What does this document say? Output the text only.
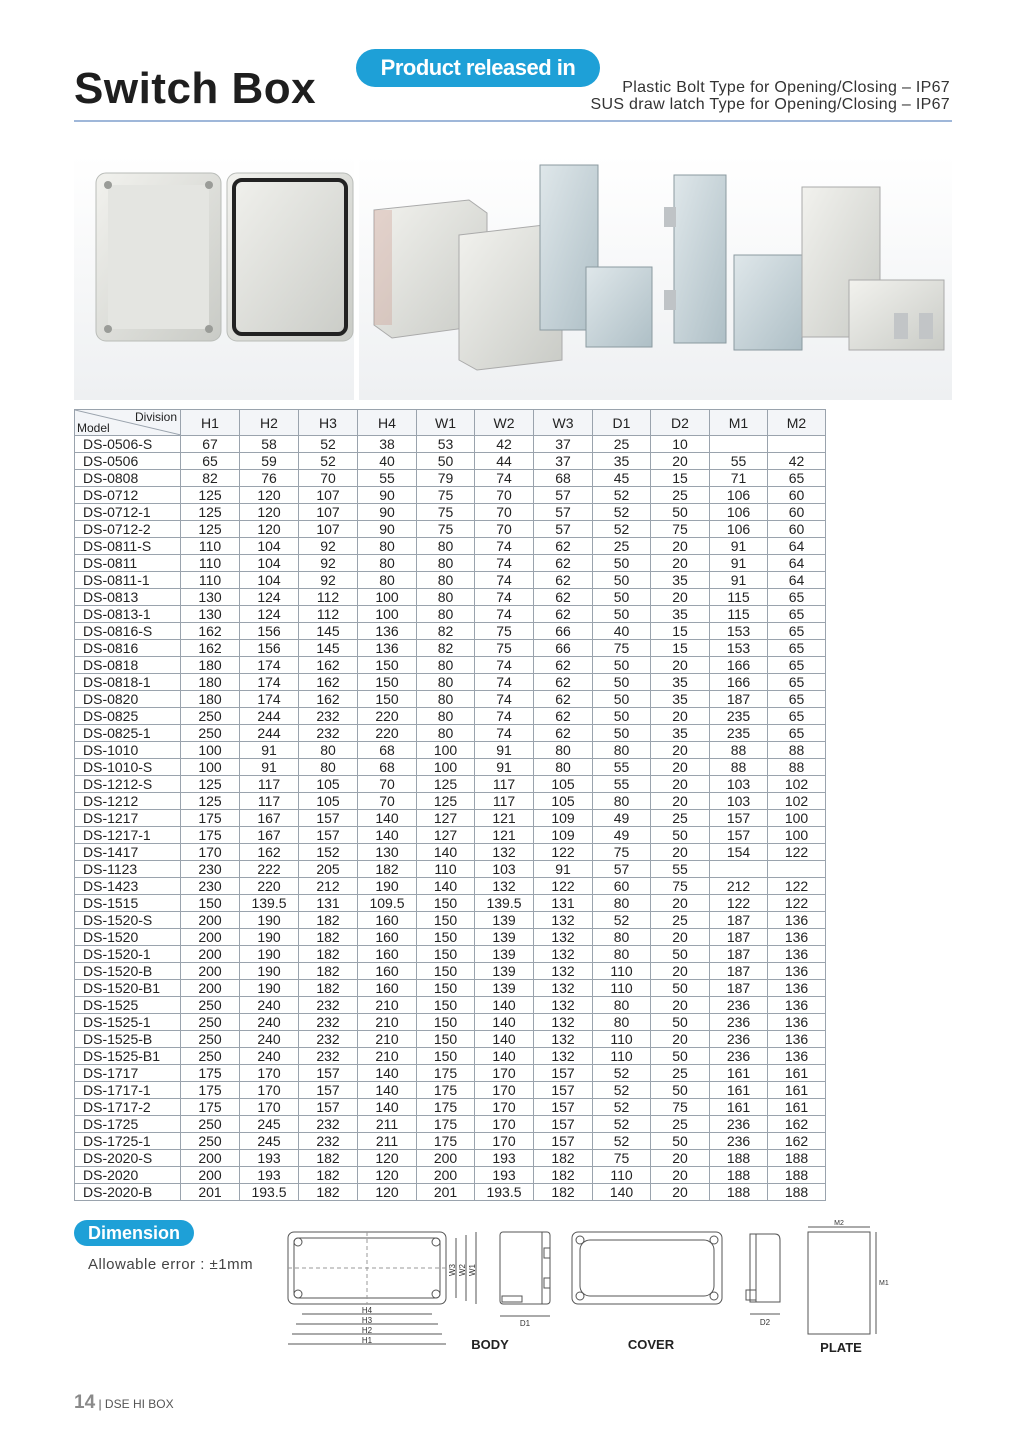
Switch Box	Product released in 1995
Plastic Bolt Type for Opening/Closing – IP67
SUS draw latch Type for Opening/Closing – IP67
Division
Model	H1	H2	H3	H4	W1	W2	W3	D1	D2	M1	M2
DS-0506-S	67	58	52	38	53	42	37	25	10		
DS-0506	65	59	52	40	50	44	37	35	20	55	42
DS-0808	82	76	70	55	79	74	68	45	15	71	65
DS-0712	125	120	107	90	75	70	57	52	25	106	60
DS-0712-1	125	120	107	90	75	70	57	52	50	106	60
DS-0712-2	125	120	107	90	75	70	57	52	75	106	60
DS-0811-S	110	104	92	80	80	74	62	25	20	91	64
DS-0811	110	104	92	80	80	74	62	50	20	91	64
DS-0811-1	110	104	92	80	80	74	62	50	35	91	64
DS-0813	130	124	112	100	80	74	62	50	20	115	65
DS-0813-1	130	124	112	100	80	74	62	50	35	115	65
DS-0816-S	162	156	145	136	82	75	66	40	15	153	65
DS-0816	162	156	145	136	82	75	66	75	15	153	65
DS-0818	180	174	162	150	80	74	62	50	20	166	65
DS-0818-1	180	174	162	150	80	74	62	50	35	166	65
DS-0820	180	174	162	150	80	74	62	50	35	187	65
DS-0825	250	244	232	220	80	74	62	50	20	235	65
DS-0825-1	250	244	232	220	80	74	62	50	35	235	65
DS-1010	100	91	80	68	100	91	80	80	20	88	88
DS-1010-S	100	91	80	68	100	91	80	55	20	88	88
DS-1212-S	125	117	105	70	125	117	105	55	20	103	102
DS-1212	125	117	105	70	125	117	105	80	20	103	102
DS-1217	175	167	157	140	127	121	109	49	25	157	100
DS-1217-1	175	167	157	140	127	121	109	49	50	157	100
DS-1417	170	162	152	130	140	132	122	75	20	154	122
DS-1123	230	222	205	182	110	103	91	57	55		
DS-1423	230	220	212	190	140	132	122	60	75	212	122
DS-1515	150	139.5	131	109.5	150	139.5	131	80	20	122	122
DS-1520-S	200	190	182	160	150	139	132	52	25	187	136
DS-1520	200	190	182	160	150	139	132	80	20	187	136
DS-1520-1	200	190	182	160	150	139	132	80	50	187	136
DS-1520-B	200	190	182	160	150	139	132	110	20	187	136
DS-1520-B1	200	190	182	160	150	139	132	110	50	187	136
DS-1525	250	240	232	210	150	140	132	80	20	236	136
DS-1525-1	250	240	232	210	150	140	132	80	50	236	136
DS-1525-B	250	240	232	210	150	140	132	110	20	236	136
DS-1525-B1	250	240	232	210	150	140	132	110	50	236	136
DS-1717	175	170	157	140	175	170	157	52	25	161	161
DS-1717-1	175	170	157	140	175	170	157	52	50	161	161
DS-1717-2	175	170	157	140	175	170	157	52	75	161	161
DS-1725	250	245	232	211	175	170	157	52	25	236	162
DS-1725-1	250	245	232	211	175	170	157	52	50	236	162
DS-2020-S	200	193	182	120	200	193	182	75	20	188	188
DS-2020	200	193	182	120	200	193	182	110	20	188	188
DS-2020-B	201	193.5	182	120	201	193.5	182	140	20	188	188
Dimension
Allowable error : ±1mm
H4
H3
H2
H1
W3 W2 W1
D1
BODY	COVER
D2
M2
M1
PLATE
14 | DSE HI BOX
